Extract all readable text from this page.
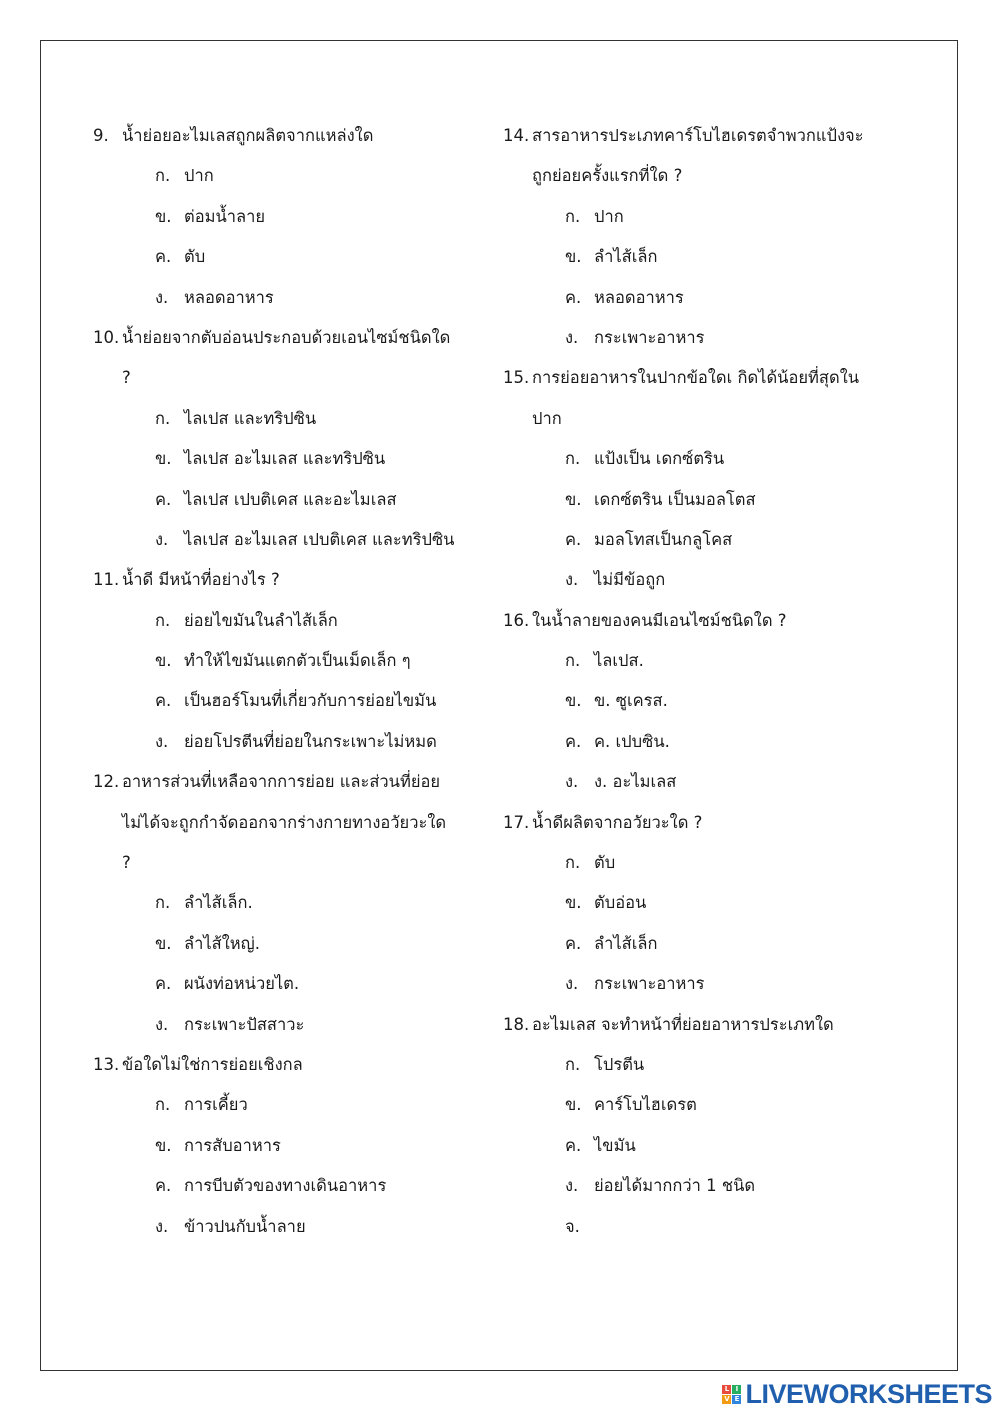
9. น้ำย่อยอะไมเลสถูกผลิตจากแหล่งใด
ก. ปาก
ข. ต่อมน้ำลาย
ค. ตับ
ง. หลอดอาหาร
10. น้ำย่อยจากตับอ่อนประกอบด้วยเอนไซม์ชนิดใด
?
ก. ไลเปส และทริปซิน
ข. ไลเปส อะไมเลส และทริปซิน
ค. ไลเปส เปบติเคส และอะไมเลส
ง. ไลเปส อะไมเลส เปบติเคส และทริปซิน
11. น้ำดี มีหน้าที่อย่างไร ?
ก. ย่อยไขมันในลำไส้เล็ก
ข. ทำให้ไขมันแตกตัวเป็นเม็ดเล็ก ๆ
ค. เป็นฮอร์โมนที่เกี่ยวกับการย่อยไขมัน
ง. ย่อยโปรตีนที่ย่อยในกระเพาะไม่หมด
12. อาหารส่วนที่เหลือจากการย่อย และส่วนที่ย่อย
ไม่ได้จะถูกกำจัดออกจากร่างกายทางอวัยวะใด
?
ก. ลำไส้เล็ก.
ข. ลำไส้ใหญ่.
ค. ผนังท่อหน่วยไต.
ง. กระเพาะปัสสาวะ
13. ข้อใดไม่ใช่การย่อยเชิงกล
ก. การเคี้ยว
ข. การสับอาหาร
ค. การบีบตัวของทางเดินอาหาร
ง. ข้าวปนกับน้ำลาย
14. สารอาหารประเภทคาร์โบไฮเดรตจำพวกแป้งจะ
ถูกย่อยครั้งแรกที่ใด ?
ก. ปาก
ข. ลำไส้เล็ก
ค. หลอดอาหาร
ง. กระเพาะอาหาร
15. การย่อยอาหารในปากข้อใดเ กิดได้น้อยที่สุดใน
ปาก
ก. แป้งเป็น เดกซ์ตริน
ข. เดกซ์ตริน เป็นมอลโตส
ค. มอลโทสเป็นกลูโคส
ง. ไม่มีข้อถูก
16. ในน้ำลายของคนมีเอนไซม์ชนิดใด ?
ก. ไลเปส.
ข. ข. ซูเครส.
ค. ค. เปบซิน.
ง. ง. อะไมเลส
17. น้ำดีผลิตจากอวัยวะใด ?
ก. ตับ
ข. ตับอ่อน
ค. ลำไส้เล็ก
ง. กระเพาะอาหาร
18. อะไมเลส จะทำหน้าที่ย่อยอาหารประเภทใด
ก. โปรตีน
ข. คาร์โบไฮเดรต
ค. ไขมัน
ง. ย่อยได้มากกว่า 1 ชนิด
จ.
L I
V E LIVEWORKSHEETS
